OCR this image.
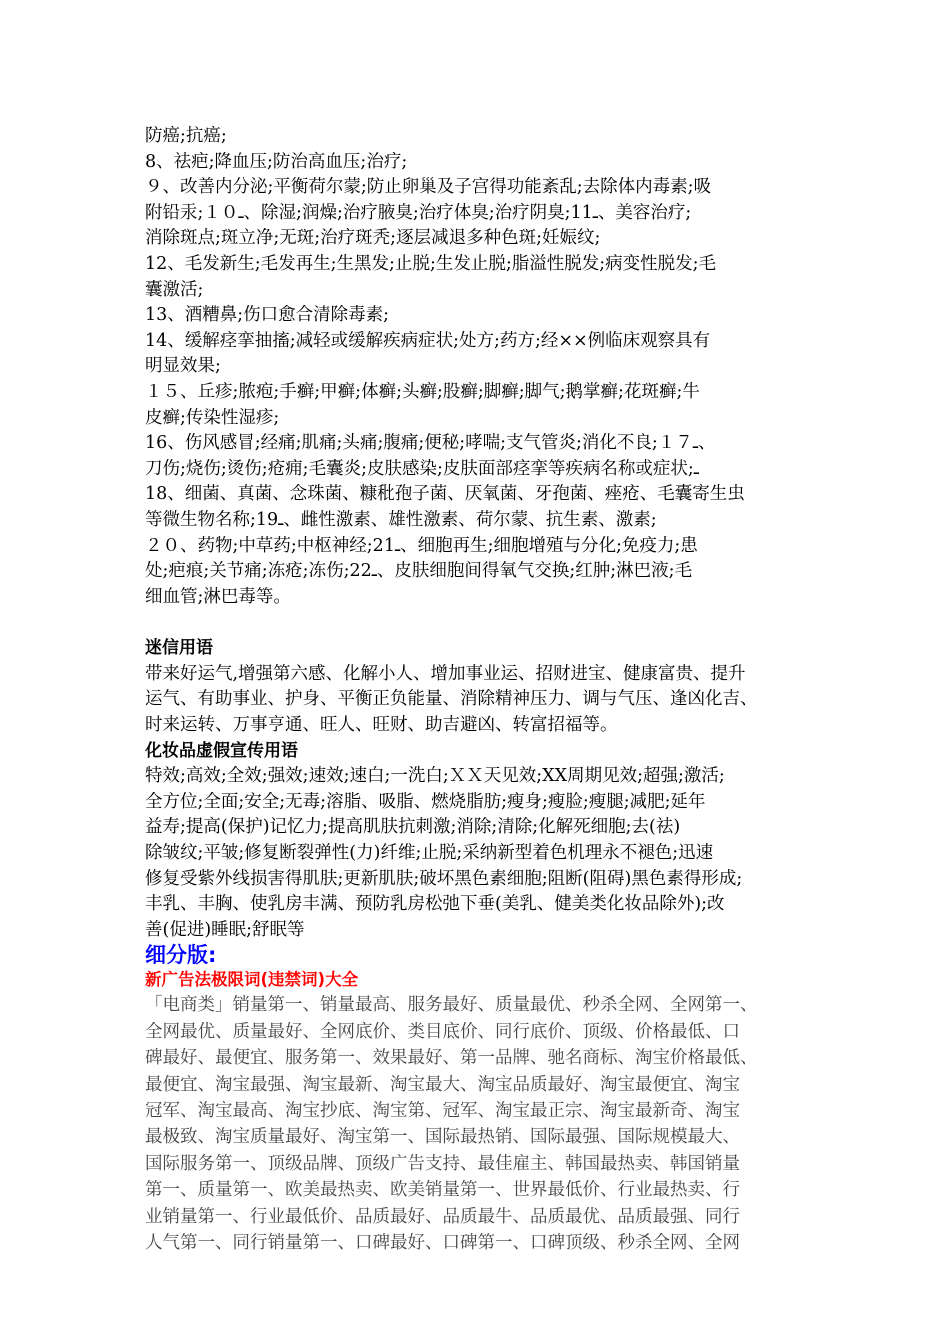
防癌;抗癌;
8、祛疤;降血压;防治高血压;治疗;
９、改善内分泌;平衡荷尔蒙;防止卵巢及子宫得功能紊乱;去除体内毒素;吸
附铅汞;１０ـ、除湿;润燥;治疗腋臭;治疗体臭;治疗阴臭;11ـ、美容治疗;
消除斑点;斑立净;无斑;治疗斑秃;逐层减退多种色斑;妊娠纹;
12、毛发新生;毛发再生;生黑发;止脱;生发止脱;脂溢性脱发;病变性脱发;毛
囊激活;
13、酒糟鼻;伤口愈合清除毒素;
14、缓解痉挛抽搐;减轻或缓解疾病症状;处方;药方;经××例临床观察具有
明显效果;
１５、丘疹;脓疱;手癣;甲癣;体癣;头癣;股癣;脚癣;脚气;鹅掌癣;花斑癣;牛
皮癣;传染性湿疹;
16、伤风感冒;经痛;肌痛;头痛;腹痛;便秘;哮喘;支气管炎;消化不良;１７ـ、
刀伤;烧伤;烫伤;疮痈;毛囊炎;皮肤感染;皮肤面部痉挛等疾病名称或症状;ـ
18、细菌、真菌、念珠菌、糠秕孢子菌、厌氧菌、牙孢菌、痤疮、毛囊寄生虫
等微生物名称;19ـ、雌性激素、雄性激素、荷尔蒙、抗生素、激素;
２０、药物;中草药;中枢神经;21ـ、细胞再生;细胞增殖与分化;免疫力;患
处;疤痕;关节痛;冻疮;冻伤;22ـ、皮肤细胞间得氧气交换;红肿;淋巴液;毛
细血管;淋巴毒等。
迷信用语
带来好运气,增强第六感、化解小人、增加事业运、招财进宝、健康富贵、提升
运气、有助事业、护身、平衡正负能量、消除精神压力、调与气压、逢凶化吉、
时来运转、万事亨通、旺人、旺财、助吉避凶、转富招福等。
化妆品虚假宣传用语
特效;高效;全效;强效;速效;速白;一洗白;ＸＸ天见效;XX周期见效;超强;激活;
全方位;全面;安全;无毒;溶脂、吸脂、燃烧脂肪;瘦身;瘦脸;瘦腿;减肥;延年
益寿;提高(保护)记忆力;提高肌肤抗刺激;消除;清除;化解死细胞;去(祛)
除皱纹;平皱;修复断裂弹性(力)纤维;止脱;采纳新型着色机理永不褪色;迅速
修复受紫外线损害得肌肤;更新肌肤;破坏黑色素细胞;阻断(阻碍)黑色素得形成;
丰乳、丰胸、使乳房丰满、预防乳房松弛下垂(美乳、健美类化妆品除外);改
善(促进)睡眠;舒眠等
细分版:
新广告法极限词(违禁词)大全
「电商类」销量第一、销量最高、服务最好、质量最优、秒杀全网、全网第一、
全网最优、质量最好、全网底价、类目底价、同行底价、顶级、价格最低、口
碑最好、最便宜、服务第一、效果最好、第一品牌、驰名商标、淘宝价格最低、
最便宜、淘宝最强、淘宝最新、淘宝最大、淘宝品质最好、淘宝最便宜、淘宝
冠军、淘宝最高、淘宝抄底、淘宝第、冠军、淘宝最正宗、淘宝最新奇、淘宝
最极致、淘宝质量最好、淘宝第一、国际最热销、国际最强、国际规模最大、
国际服务第一、顶级品牌、顶级广告支持、最佳雇主、韩国最热卖、韩国销量
第一、质量第一、欧美最热卖、欧美销量第一、世界最低价、行业最热卖、行
业销量第一、行业最低价、品质最好、品质最牛、品质最优、品质最强、同行
人气第一、同行销量第一、口碑最好、口碑第一、口碑顶级、秒杀全网、全网
